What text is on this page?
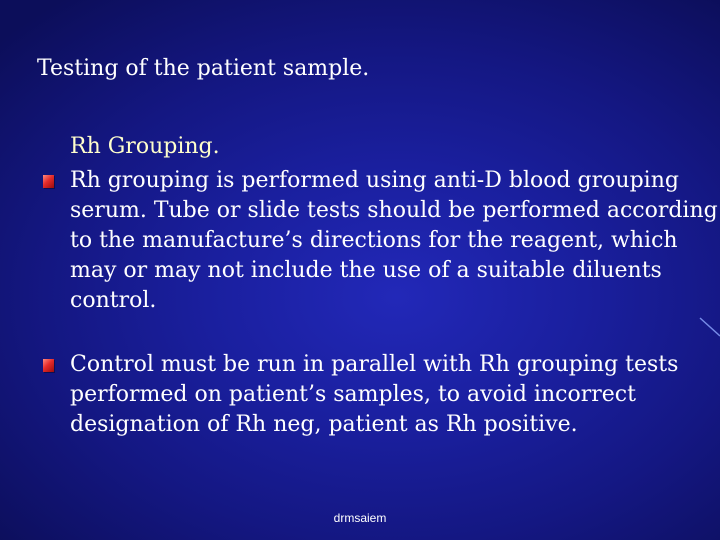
Testing of the patient sample.
Rh Grouping.
Rh grouping is performed using anti-D blood grouping
serum. Tube or slide tests should be performed according
to the manufacture’s directions for the reagent, which
may or may not include the use of a suitable diluents
control.
Control must be run in parallel with Rh grouping tests
performed on patient’s samples, to avoid incorrect
designation of Rh neg, patient as Rh positive.
drmsaiem
